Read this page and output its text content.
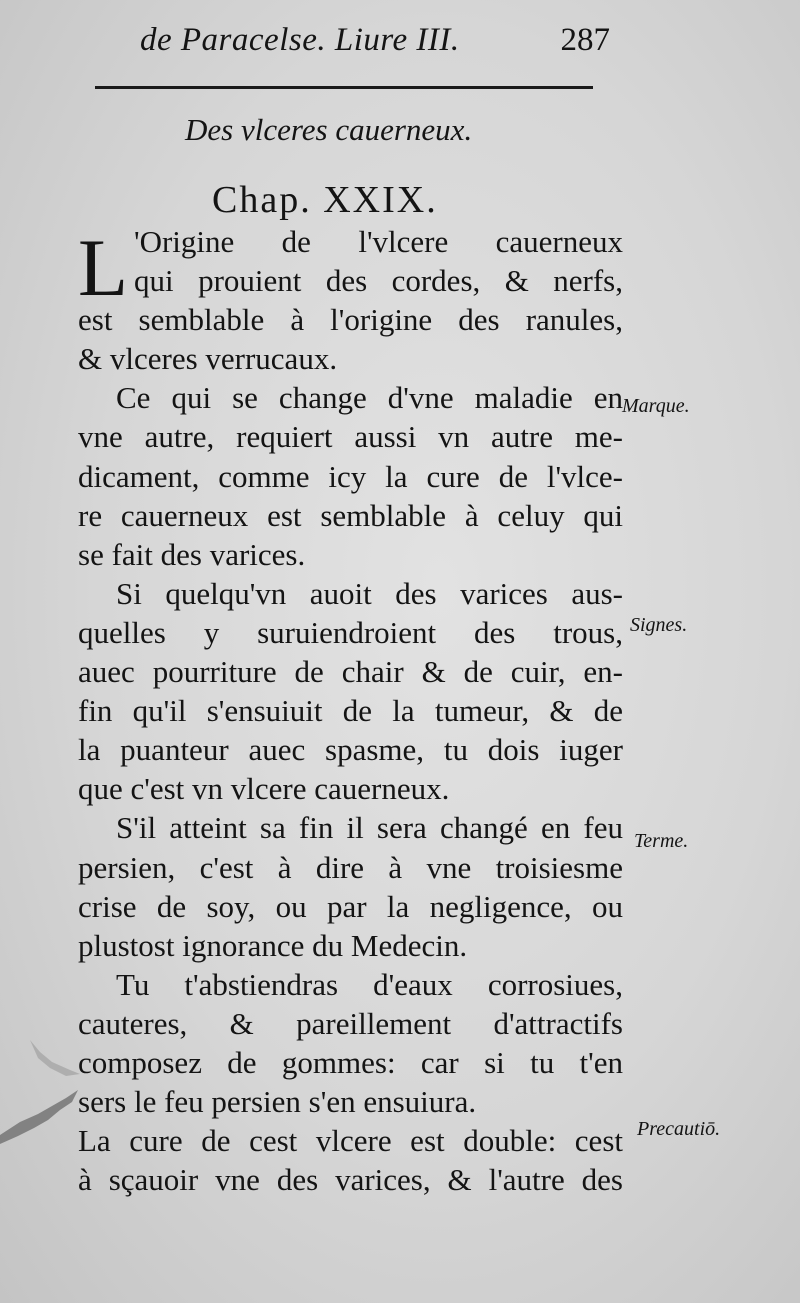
de Paracelse. Liure III.	287
Des vlceres cauerneux.
Chap. XXIX.
L 'Origine de l'vlcere cauerneux
qui prouient des cordes, & nerfs,
est semblable à l'origine des ranules,
& vlceres verrucaux.
Ce qui se change d'vne maladie en
vne autre, requiert aussi vn autre me-
dicament, comme icy la cure de l'vlce-
re cauerneux est semblable à celuy qui
se fait des varices.
Si quelqu'vn auoit des varices aus-
quelles y suruiendroient des trous,
auec pourriture de chair & de cuir, en-
fin qu'il s'ensuiuit de la tumeur, & de
la puanteur auec spasme, tu dois iuger
que c'est vn vlcere cauerneux.
S'il atteint sa fin il sera changé en feu
persien, c'est à dire à vne troisiesme
crise de soy, ou par la negligence, ou
plustost ignorance du Medecin.
Tu t'abstiendras d'eaux corrosiues,
cauteres, & pareillement d'attractifs
composez de gommes: car si tu t'en
sers le feu persien s'en ensuiura.
La cure de cest vlcere est double: cest
à sçauoir vne des varices, & l'autre des
Marque.
Signes.
Terme.
Precautiō.
